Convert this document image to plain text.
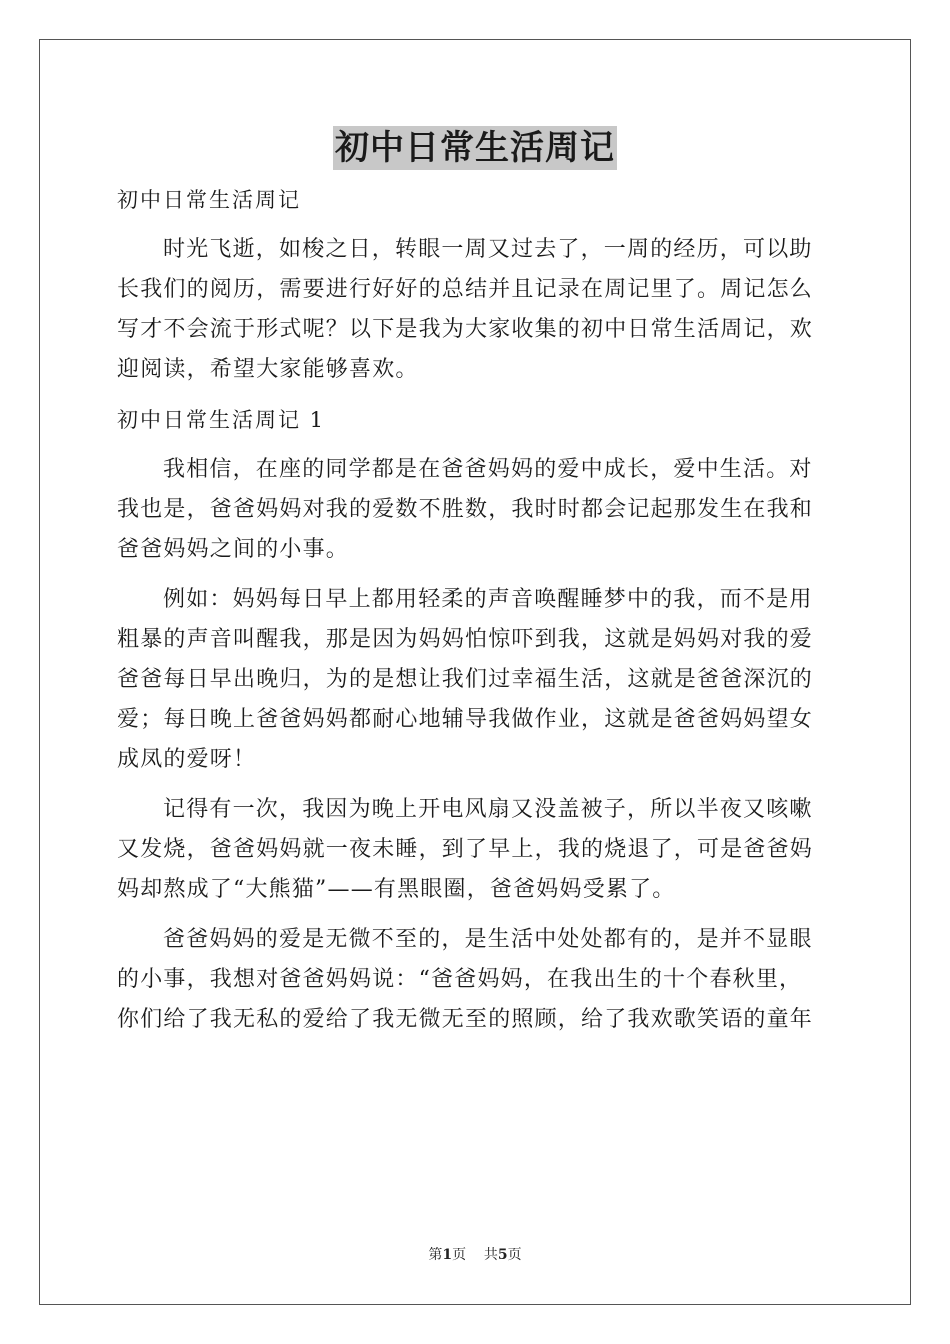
初中日常生活周记
初中日常生活周记
时光飞逝，如梭之日，转眼一周又过去了，一周的经历，可以助
长我们的阅历，需要进行好好的总结并且记录在周记里了。周记怎么
写才不会流于形式呢？以下是我为大家收集的初中日常生活周记，欢
迎阅读，希望大家能够喜欢。
初中日常生活周记 1
我相信，在座的同学都是在爸爸妈妈的爱中成长，爱中生活。对
我也是，爸爸妈妈对我的爱数不胜数，我时时都会记起那发生在我和
爸爸妈妈之间的小事。
例如：妈妈每日早上都用轻柔的声音唤醒睡梦中的我，而不是用
粗暴的声音叫醒我，那是因为妈妈怕惊吓到我，这就是妈妈对我的爱
爸爸每日早出晚归，为的是想让我们过幸福生活，这就是爸爸深沉的
爱；每日晚上爸爸妈妈都耐心地辅导我做作业，这就是爸爸妈妈望女
成凤的爱呀！
记得有一次，我因为晚上开电风扇又没盖被子，所以半夜又咳嗽
又发烧，爸爸妈妈就一夜未睡，到了早上，我的烧退了，可是爸爸妈
妈却熬成了“大熊猫”——有黑眼圈，爸爸妈妈受累了。
爸爸妈妈的爱是无微不至的，是生活中处处都有的，是并不显眼
的小事，我想对爸爸妈妈说：“爸爸妈妈，在我出生的十个春秋里，
你们给了我无私的爱给了我无微无至的照顾，给了我欢歌笑语的童年
第1页 共5页
